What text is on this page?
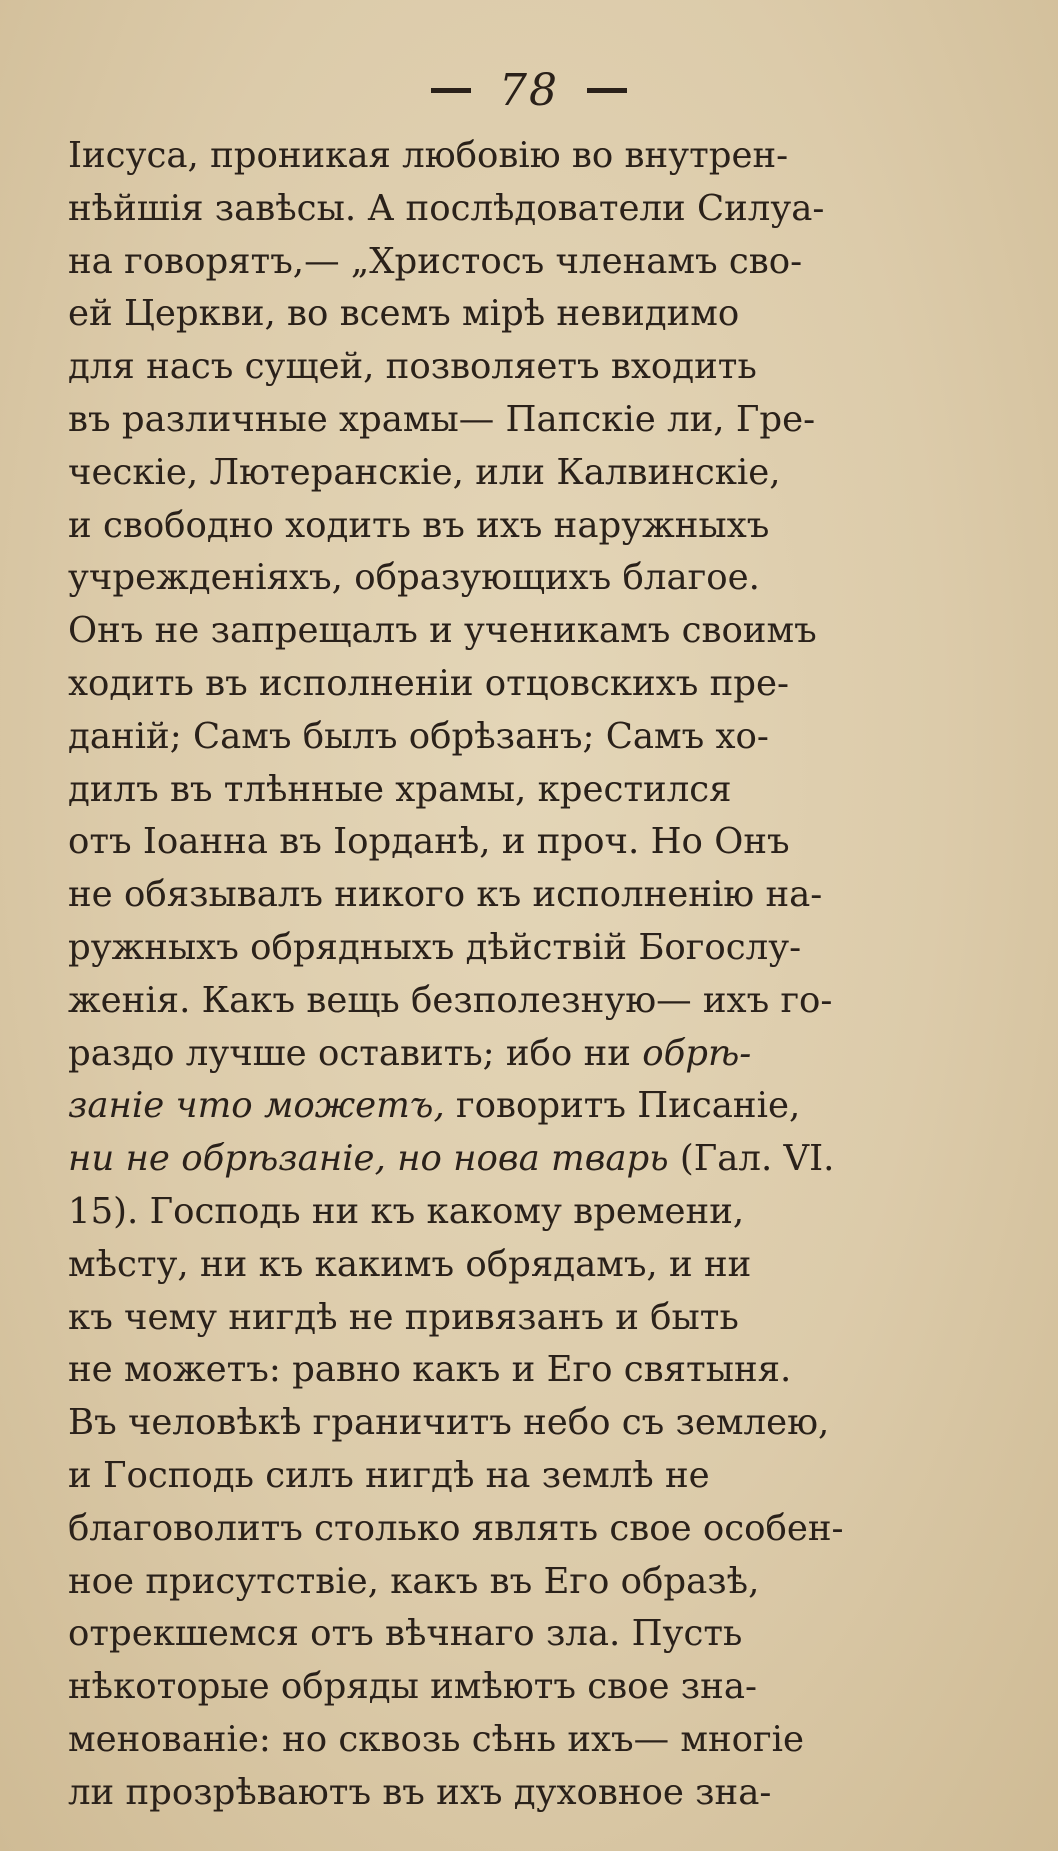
78
Іисуса, проникая любовію во внутрен-
нѣйшія завѣсы. А послѣдователи Силуа-
на говорятъ,— „Христосъ членамъ сво-
ей Церкви, во всемъ мірѣ невидимо
для насъ сущей, позволяетъ входить
въ различные храмы— Папскіе ли, Гре-
ческіе, Лютеранскіе, или Калвинскіе,
и свободно ходить въ ихъ наружныхъ
учрежденіяхъ, образующихъ благое.
Онъ не запрещалъ и ученикамъ своимъ
ходить въ исполненіи отцовскихъ пре-
даній; Самъ былъ обрѣзанъ; Самъ хо-
дилъ въ тлѣнные храмы, крестился
отъ Іоанна въ Іорданѣ, и проч. Но Онъ
не обязывалъ никого къ исполненію на-
ружныхъ обрядныхъ дѣйствій Богослу-
женія. Какъ вещь безполезную— ихъ го-
раздо лучше оставить; ибо ни обрѣ-
заніе что можетъ, говоритъ Писаніе,
ни не обрѣзаніе, но нова тварь (Гал. VI.
15). Господь ни къ какому времени,
мѣсту, ни къ какимъ обрядамъ, и ни
къ чему нигдѣ не привязанъ и быть
не можетъ: равно какъ и Его святыня.
Въ человѣкѣ граничитъ небо съ землею,
и Господь силъ нигдѣ на землѣ не
благоволитъ столько являть свое особен-
ное присутствіе, какъ въ Его образѣ,
отрекшемся отъ вѣчнаго зла. Пусть
нѣкоторые обряды имѣютъ свое зна-
менованіе: но сквозь сѣнь ихъ— многіе
ли прозрѣваютъ въ ихъ духовное зна-
